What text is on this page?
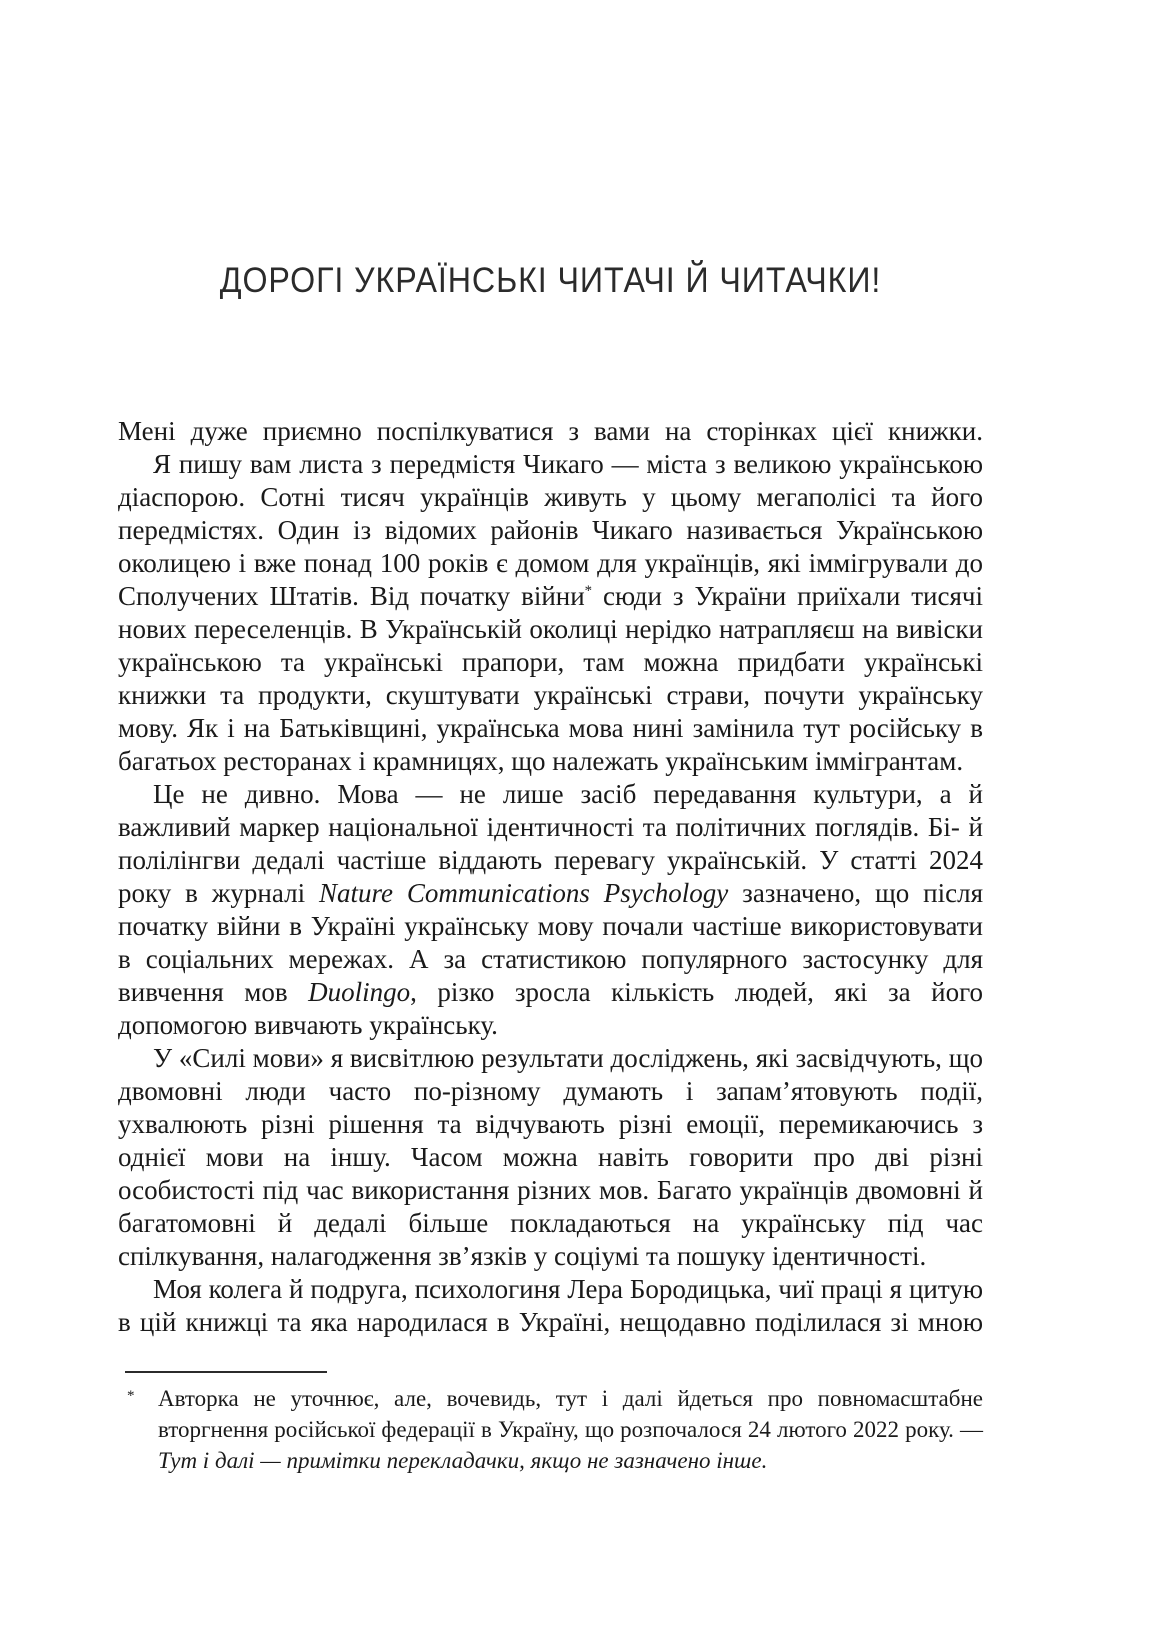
ДОРОГІ УКРАЇНСЬКІ ЧИТАЧІ Й ЧИТАЧКИ!

Мені дуже приємно поспілкуватися з вами на сторінках цієї книжки.

Я пишу вам листа з передмістя Чикаго — міста з великою українською діаспорою. Сотні тисяч українців живуть у цьому мегаполісі та його передмістях. Один із відомих районів Чикаго називається Українською околицею і вже понад 100 років є домом для українців, які іммігрували до Сполучених Штатів. Від початку війни* сюди з України приїхали тисячі нових переселенців. В Українській околиці нерідко натрапляєш на вивіски українською та українські прапори, там можна придбати українські книжки та продукти, скуштувати українські страви, почути українську мову. Як і на Батьківщині, українська мова нині замінила тут російську в багатьох ресторанах і крамницях, що належать українським іммігрантам.

Це не дивно. Мова — не лише засіб передавання культури, а й важливий маркер національної ідентичності та політичних поглядів. Бі- й полілінгви дедалі частіше віддають перевагу українській. У статті 2024 року в журналі Nature Communications Psychology зазначено, що після початку війни в Україні українську мову почали частіше використовувати в соціальних мережах. А за статистикою популярного застосунку для вивчення мов Duolingo, різко зросла кількість людей, які за його допомогою вивчають українську.

У «Силі мови» я висвітлюю результати досліджень, які засвідчують, що двомовні люди часто по-різному думають і запам’ятовують події, ухвалюють різні рішення та відчувають різні емоції, перемикаючись з однієї мови на іншу. Часом можна навіть говорити про дві різні особистості під час використання різних мов. Багато українців двомовні й багатомовні й дедалі більше покладаються на українську під час спілкування, налагодження зв’язків у соціумі та пошуку ідентичності.

Моя колега й подруга, психологиня Лера Бородицька, чиї праці я цитую в цій книжці та яка народилася в Україні, нещодавно поділилася зі мною

* Авторка не уточнює, але, вочевидь, тут і далі йдеться про повномасштабне вторгнення російської федерації в Україну, що розпочалося 24 лютого 2022 року. — Тут і далі — примітки перекладачки, якщо не зазначено інше.
